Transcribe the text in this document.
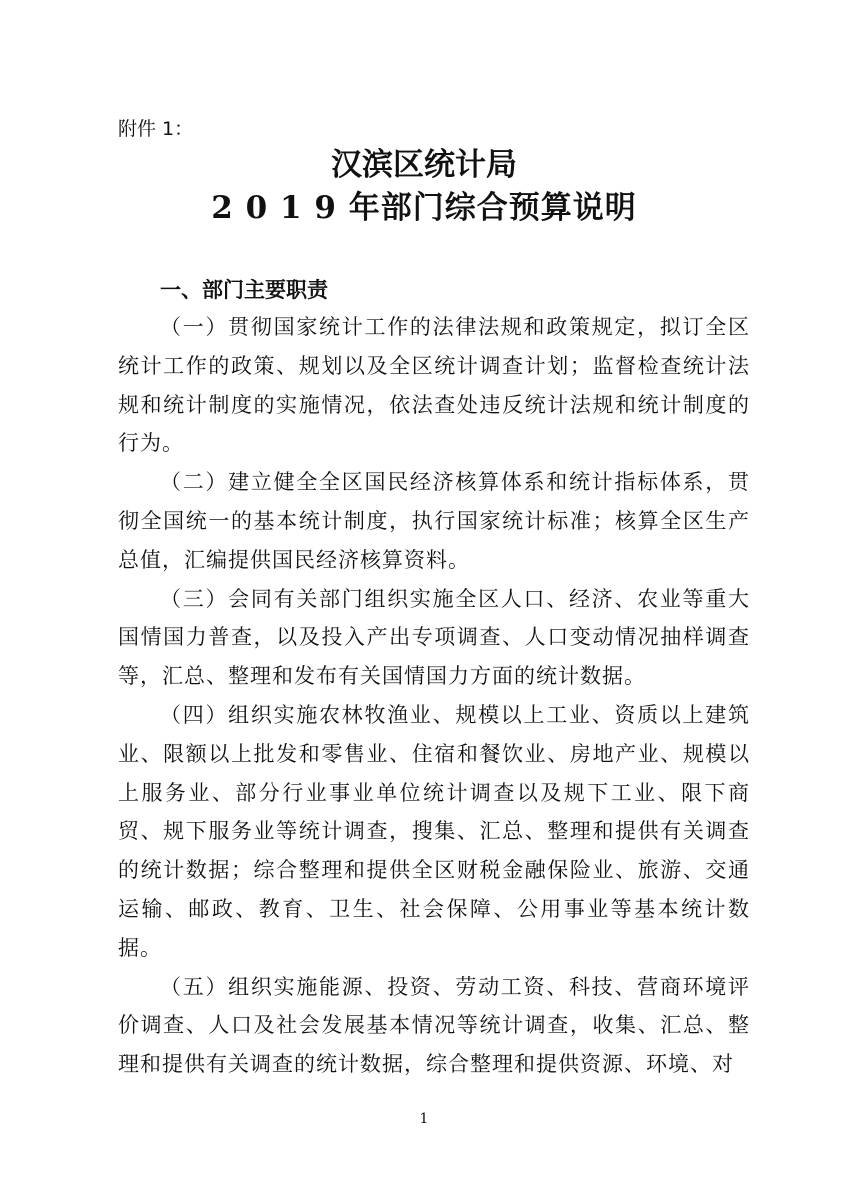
附件 1：
汉滨区统计局
2 0 1 9 年部门综合预算说明
一、部门主要职责

（一）贯彻国家统计工作的法律法规和政策规定，拟订全区统计工作的政策、规划以及全区统计调查计划；监督检查统计法规和统计制度的实施情况，依法查处违反统计法规和统计制度的行为。

（二）建立健全全区国民经济核算体系和统计指标体系，贯彻全国统一的基本统计制度，执行国家统计标准；核算全区生产总值，汇编提供国民经济核算资料。

（三）会同有关部门组织实施全区人口、经济、农业等重大国情国力普查，以及投入产出专项调查、人口变动情况抽样调查等，汇总、整理和发布有关国情国力方面的统计数据。

（四）组织实施农林牧渔业、规模以上工业、资质以上建筑业、限额以上批发和零售业、住宿和餐饮业、房地产业、规模以上服务业、部分行业事业单位统计调查以及规下工业、限下商贸、规下服务业等统计调查，搜集、汇总、整理和提供有关调查的统计数据；综合整理和提供全区财税金融保险业、旅游、交通运输、邮政、教育、卫生、社会保障、公用事业等基本统计数据。

（五）组织实施能源、投资、劳动工资、科技、营商环境评价调查、人口及社会发展基本情况等统计调查，收集、汇总、整理和提供有关调查的统计数据，综合整理和提供资源、环境、对

1
